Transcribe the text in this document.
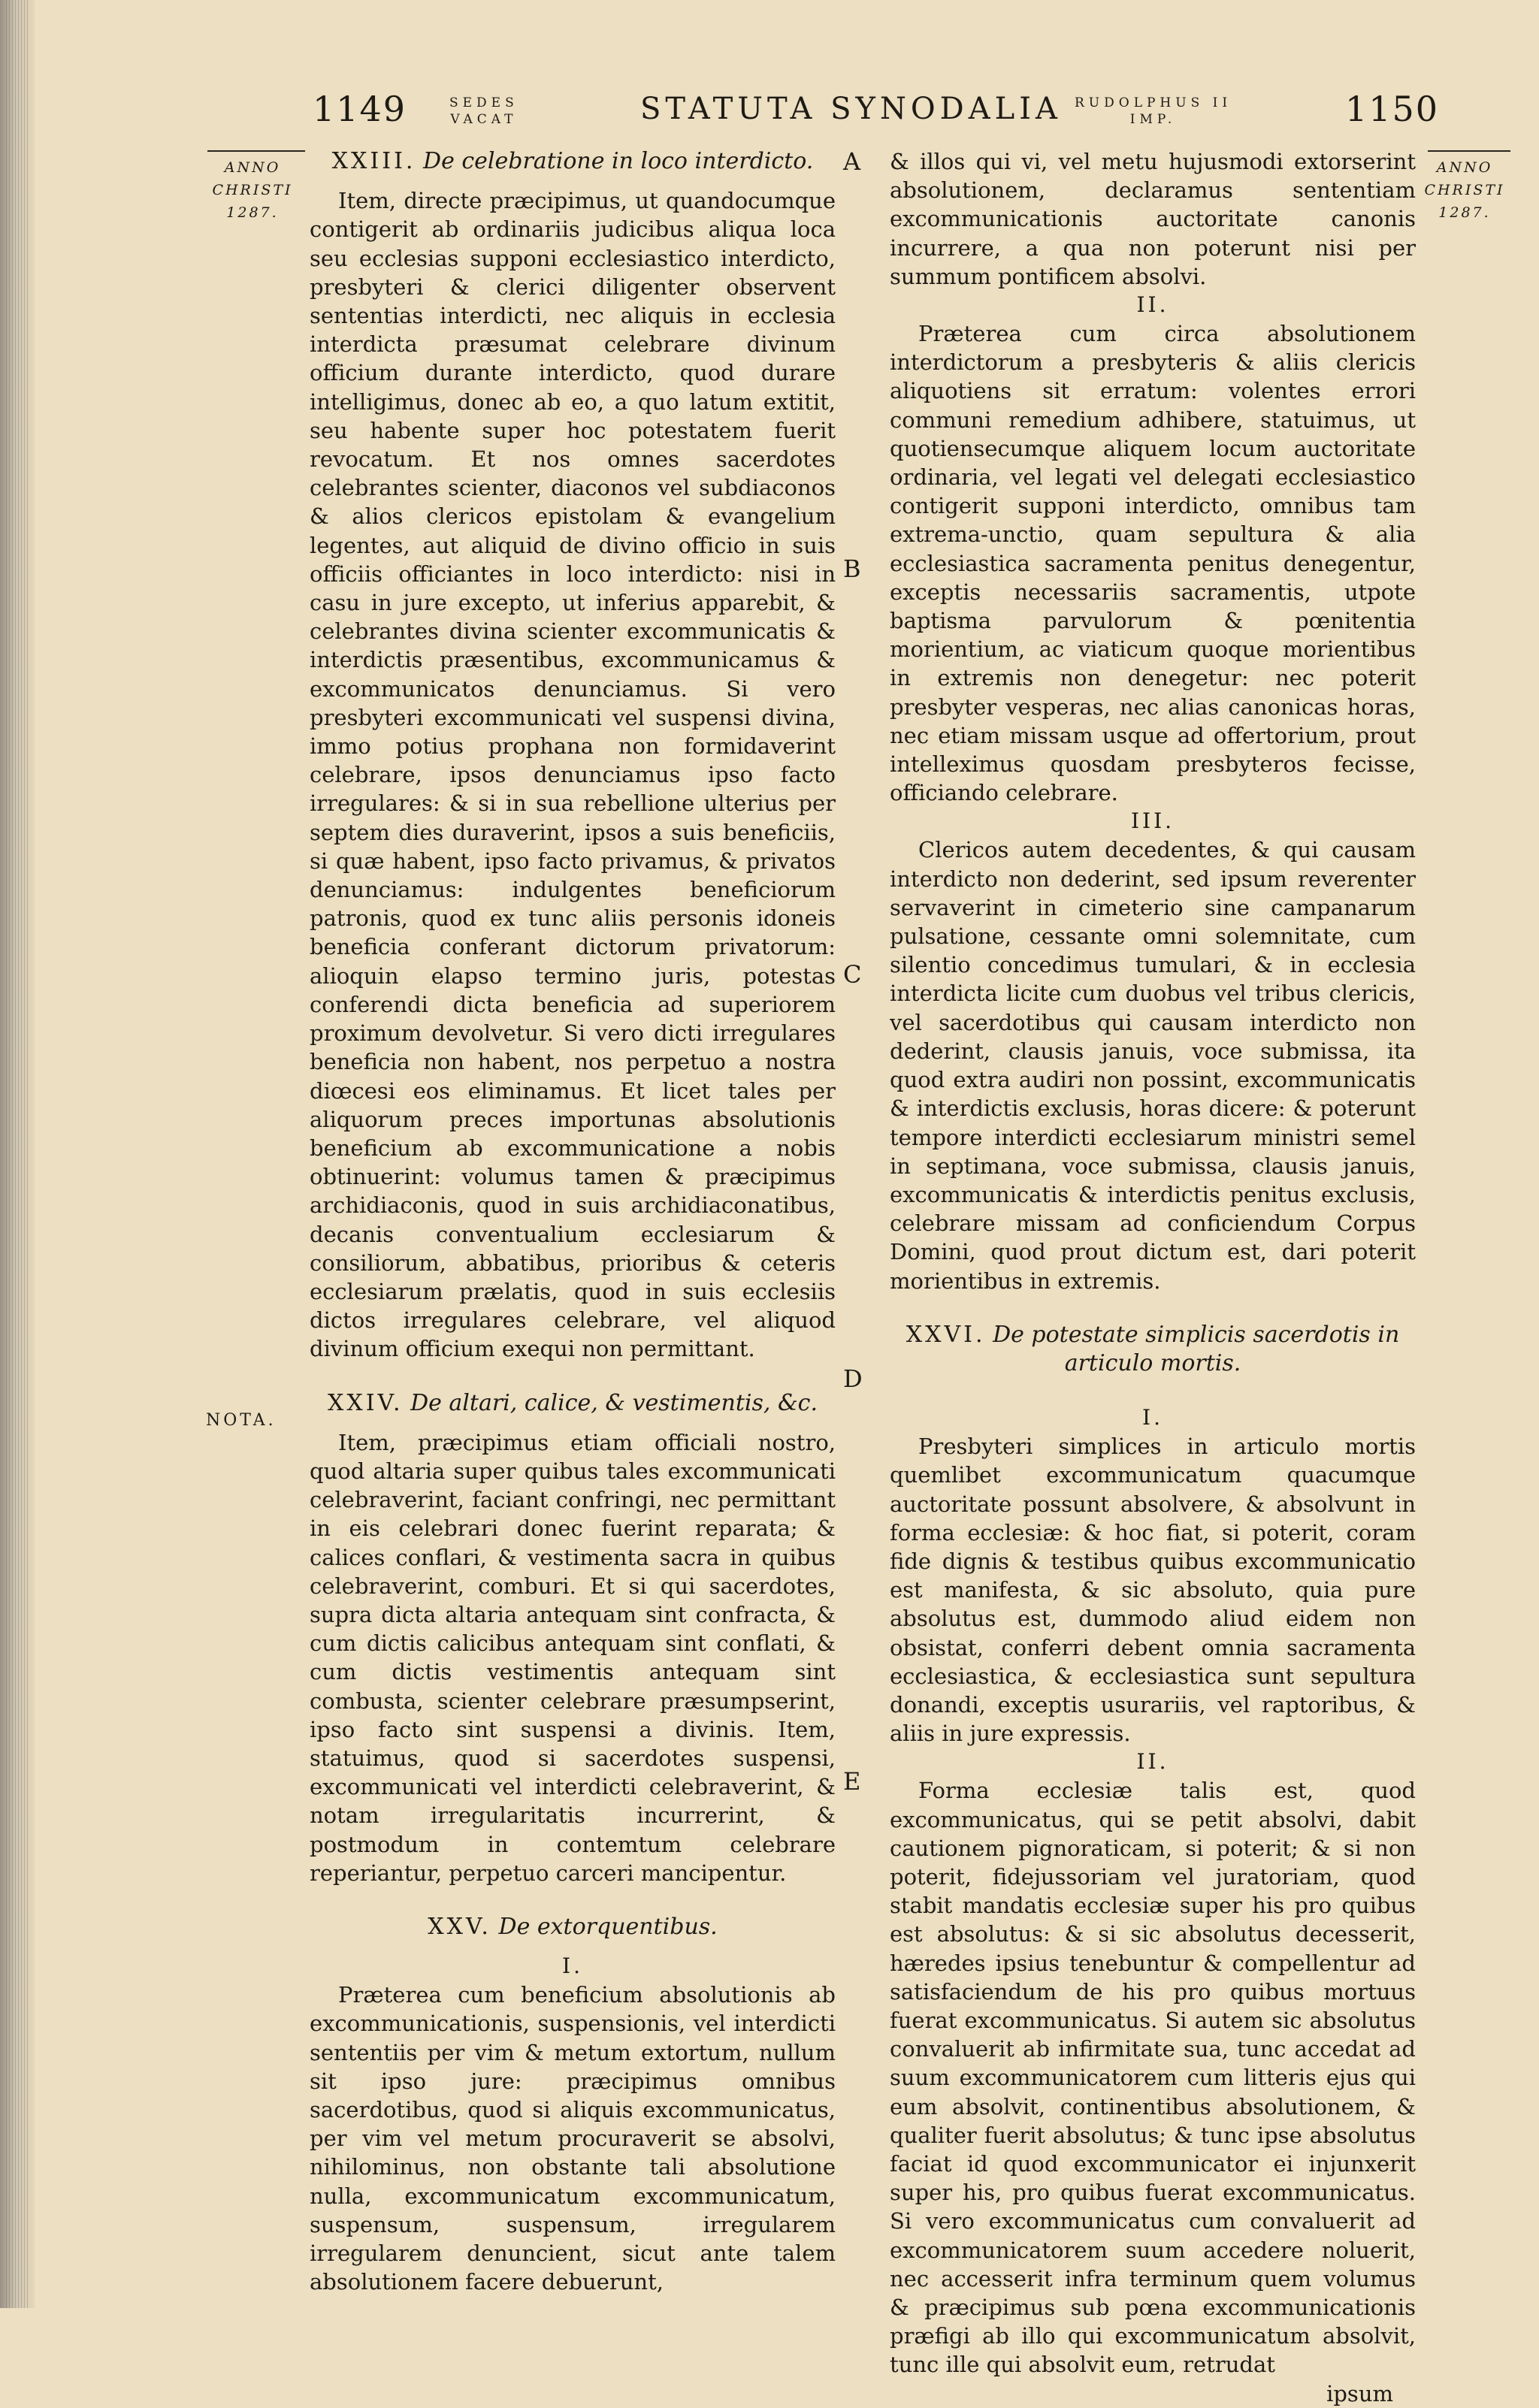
1149	SEDES
VACAT	STATUTA SYNODALIA RUDOLPHUS II
IMP.	1150
ANNO
CHRISTI
1287.
ANNO
CHRISTI
1287.
NOTA.
A
B
C
D
E
XXIII. De celebratione in loco interdicto.

Item, directe præcipimus, ut quandocumque contigerit ab ordinariis judicibus aliqua loca seu ecclesias supponi ecclesiastico interdicto, presbyteri & clerici diligenter observent sententias interdicti, nec aliquis in ecclesia interdicta præsumat celebrare divinum officium durante interdicto, quod durare intelligimus, donec ab eo, a quo latum extitit, seu habente super hoc potestatem fuerit revocatum. Et nos omnes sacerdotes celebrantes scienter, diaconos vel subdiaconos & alios clericos epistolam & evangelium legentes, aut aliquid de divino officio in suis officiis officiantes in loco interdicto: nisi in casu in jure excepto, ut inferius apparebit, & celebrantes divina scienter excommunicatis & interdictis præsentibus, excommunicamus & excommunicatos denunciamus. Si vero presbyteri excommunicati vel suspensi divina, immo potius prophana non formidaverint celebrare, ipsos denunciamus ipso facto irregulares: & si in sua rebellione ulterius per septem dies duraverint, ipsos a suis beneficiis, si quæ habent, ipso facto privamus, & privatos denunciamus: indulgentes beneficiorum patronis, quod ex tunc aliis personis idoneis beneficia conferant dictorum privatorum: alioquin elapso termino juris, potestas conferendi dicta beneficia ad superiorem proximum devolvetur. Si vero dicti irregulares beneficia non habent, nos perpetuo a nostra diœcesi eos eliminamus. Et licet tales per aliquorum preces importunas absolutionis beneficium ab excommunicatione a nobis obtinuerint: volumus tamen & præcipimus archidiaconis, quod in suis archidiaconatibus, decanis conventualium ecclesiarum & consiliorum, abbatibus, prioribus & ceteris ecclesiarum prælatis, quod in suis ecclesiis dictos irregulares celebrare, vel aliquod divinum officium exequi non permittant.

XXIV. De altari, calice, & vestimentis, &c.

Item, præcipimus etiam officiali nostro, quod altaria super quibus tales excommunicati celebraverint, faciant confringi, nec permittant in eis celebrari donec fuerint reparata; & calices conflari, & vestimenta sacra in quibus celebraverint, comburi. Et si qui sacerdotes, supra dicta altaria antequam sint confracta, & cum dictis calicibus antequam sint conflati, & cum dictis vestimentis antequam sint combusta, scienter celebrare præsumpserint, ipso facto sint suspensi a divinis. Item, statuimus, quod si sacerdotes suspensi, excommunicati vel interdicti celebraverint, & notam irregularitatis incurrerint, & postmodum in contemtum celebrare reperiantur, perpetuo carceri mancipentur.

XXV. De extorquentibus.
I.

Præterea cum beneficium absolutionis ab excommunicationis, suspensionis, vel interdicti sententiis per vim & metum extortum, nullum sit ipso jure: præcipimus omnibus sacerdotibus, quod si aliquis excommunicatus, per vim vel metum procuraverit se absolvi, nihilominus, non obstante tali absolutione nulla, excommunicatum excommunicatum, suspensum, suspensum, irregularem irregularem denuncient, sicut ante talem absolutionem facere debuerunt,

& illos qui vi, vel metu hujusmodi extorserint absolutionem, declaramus sententiam excommunicationis auctoritate canonis incurrere, a qua non poterunt nisi per summum pontificem absolvi.

II.

Præterea cum circa absolutionem interdictorum a presbyteris & aliis clericis aliquotiens sit erratum: volentes errori communi remedium adhibere, statuimus, ut quotiensecumque aliquem locum auctoritate ordinaria, vel legati vel delegati ecclesiastico contigerit supponi interdicto, omnibus tam extrema-unctio, quam sepultura & alia ecclesiastica sacramenta penitus denegentur, exceptis necessariis sacramentis, utpote baptisma parvulorum & pœnitentia morientium, ac viaticum quoque morientibus in extremis non denegetur: nec poterit presbyter vesperas, nec alias canonicas horas, nec etiam missam usque ad offertorium, prout intelleximus quosdam presbyteros fecisse, officiando celebrare.

III.

Clericos autem decedentes, & qui causam interdicto non dederint, sed ipsum reverenter servaverint in cimeterio sine campanarum pulsatione, cessante omni solemnitate, cum silentio concedimus tumulari, & in ecclesia interdicta licite cum duobus vel tribus clericis, vel sacerdotibus qui causam interdicto non dederint, clausis januis, voce submissa, ita quod extra audiri non possint, excommunicatis & interdictis exclusis, horas dicere: & poterunt tempore interdicti ecclesiarum ministri semel in septimana, voce submissa, clausis januis, excommunicatis & interdictis penitus exclusis, celebrare missam ad conficiendum Corpus Domini, quod prout dictum est, dari poterit morientibus in extremis.

XXVI. De potestate simplicis sacerdotis in
articulo mortis.
I.

Presbyteri simplices in articulo mortis quemlibet excommunicatum quacumque auctoritate possunt absolvere, & absolvunt in forma ecclesiæ: & hoc fiat, si poterit, coram fide dignis & testibus quibus excommunicatio est manifesta, & sic absoluto, quia pure absolutus est, dummodo aliud eidem non obsistat, conferri debent omnia sacramenta ecclesiastica, & ecclesiastica sunt sepultura donandi, exceptis usurariis, vel raptoribus, & aliis in jure expressis.

II.

Forma ecclesiæ talis est, quod excommunicatus, qui se petit absolvi, dabit cautionem pignoraticam, si poterit; & si non poterit, fidejussoriam vel juratoriam, quod stabit mandatis ecclesiæ super his pro quibus est absolutus: & si sic absolutus decesserit, hæredes ipsius tenebuntur & compellentur ad satisfaciendum de his pro quibus mortuus fuerat excommunicatus. Si autem sic absolutus convaluerit ab infirmitate sua, tunc accedat ad suum excommunicatorem cum litteris ejus qui eum absolvit, continentibus absolutionem, & qualiter fuerit absolutus; & tunc ipse absolutus faciat id quod excommunicator ei injunxerit super his, pro quibus fuerat excommunicatus. Si vero excommunicatus cum convaluerit ad excommunicatorem suum accedere noluerit, nec accesserit infra terminum quem volumus & præcipimus sub pœna excommunicationis præfigi ab illo qui excommunicatum absolvit, tunc ille qui absolvit eum, retrudat

ipsum
